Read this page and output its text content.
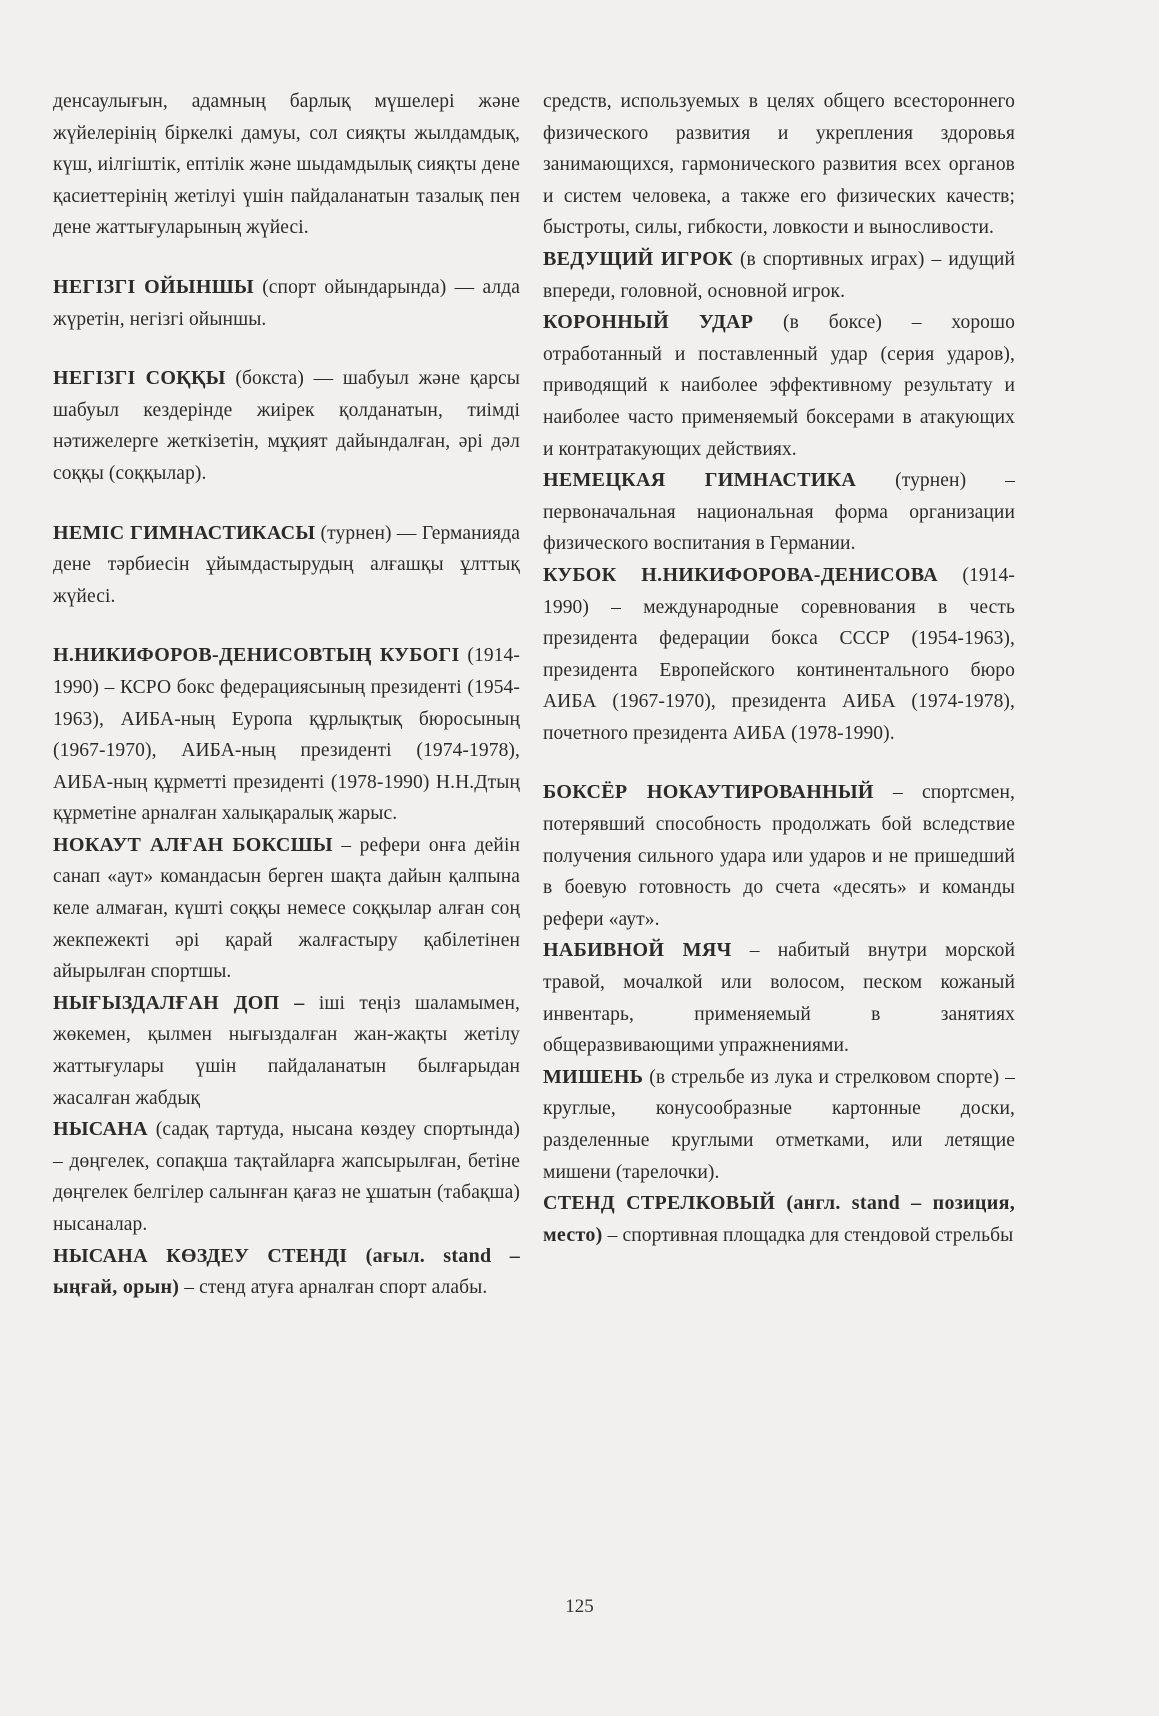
денсаулығын, адамның барлық мүшелері және жүйелерінің біркелкі дамуы, сол сияқты жылдамдық, күш, иілгіштік, ептілік және шыдамдылық сияқты дене қасиеттерінің жетілуі үшін пайдаланатын тазалық пен дене жаттығуларының жүйесі.

НЕГІЗГІ ОЙЫНШЫ (спорт ойындарында) — алда жүретін, негізгі ойыншы.

НЕГІЗГІ СОҚҚЫ (бокста) — шабуыл және қарсы шабуыл кездерінде жиірек қолданатын, тиімді нәтижелерге жеткізетін, мұқият дайындалған, әрі дәл соққы (соққылар).

НЕМІС ГИМНАСТИКАСЫ (турнен) — Германияда дене тәрбиесін ұйымдастырудың алғашқы ұлттық жүйесі.

Н.НИКИФОРОВ-ДЕНИСОВТЫҢ КУБОГІ (1914-1990) – КСРО бокс федерациясының президенті (1954-1963), АИБА-ның Еуропа құрлықтық бюросының (1967-1970), АИБА-ның президенті (1974-1978), АИБА-ның құрметті президенті (1978-1990) Н.Н.Дтың құрметіне арналған халықаралық жарыс.

НОКАУТ АЛҒАН БОКСШЫ – рефери онға дейін санап «аут» командасын берген шақта дайын қалпына келе алмаған, күшті соққы немесе соққылар алған соң жекпежекті әрі қарай жалғастыру қабілетінен айырылған спортшы.

НЫҒЫЗДАЛҒАН ДОП – іші теңіз шаламымен, жөкемен, қылмен нығыздалған жан-жақты жетілу жаттығулары үшін пайдаланатын былғарыдан жасалған жабдық

НЫСАНА (садақ тартуда, нысана көздеу спортында) – дөңгелек, сопақша тақтайларға жапсырылған, бетіне дөңгелек белгілер салынған қағаз не ұшатын (табақша) нысаналар.

НЫСАНА КӨЗДЕУ СТЕНДІ (ағыл. stand – ыңғай, орын) – стенд атуға арналған спорт алабы.

средств, используемых в целях общего всестороннего физического развития и укрепления здоровья занимающихся, гармонического развития всех органов и систем человека, а также его физических качеств; быстроты, силы, гибкости, ловкости и выносливости.

ВЕДУЩИЙ ИГРОК (в спортивных играх) – идущий впереди, головной, основной игрок.

КОРОННЫЙ УДАР (в боксе) – хорошо отработанный и поставленный удар (серия ударов), приводящий к наиболее эффективному результату и наиболее часто применяемый боксерами в атакующих и контратакующих действиях.

НЕМЕЦКАЯ ГИМНАСТИКА (турнен) – первоначальная национальная форма организации физического воспитания в Германии.

КУБОК Н.НИКИФОРОВА-ДЕНИСОВА (1914-1990) – международные соревнования в честь президента федерации бокса СССР (1954-1963), президента Европейского континентального бюро АИБА (1967-1970), президента АИБА (1974-1978), почетного президента АИБА (1978-1990).

БОКСЁР НОКАУТИРОВАННЫЙ – спортсмен, потерявший способность продолжать бой вследствие получения сильного удара или ударов и не пришедший в боевую готовность до счета «десять» и команды рефери «аут».

НАБИВНОЙ МЯЧ – набитый внутри морской травой, мочалкой или волосом, песком кожаный инвентарь, применяемый в занятиях общеразвивающими упражнениями.

МИШЕНЬ (в стрельбе из лука и стрелковом спорте) – круглые, конусообразные картонные доски, разделенные круглыми отметками, или летящие мишени (тарелочки).

СТЕНД СТРЕЛКОВЫЙ (англ. stand – позиция, место) – спортивная площадка для стендовой стрельбы

125
